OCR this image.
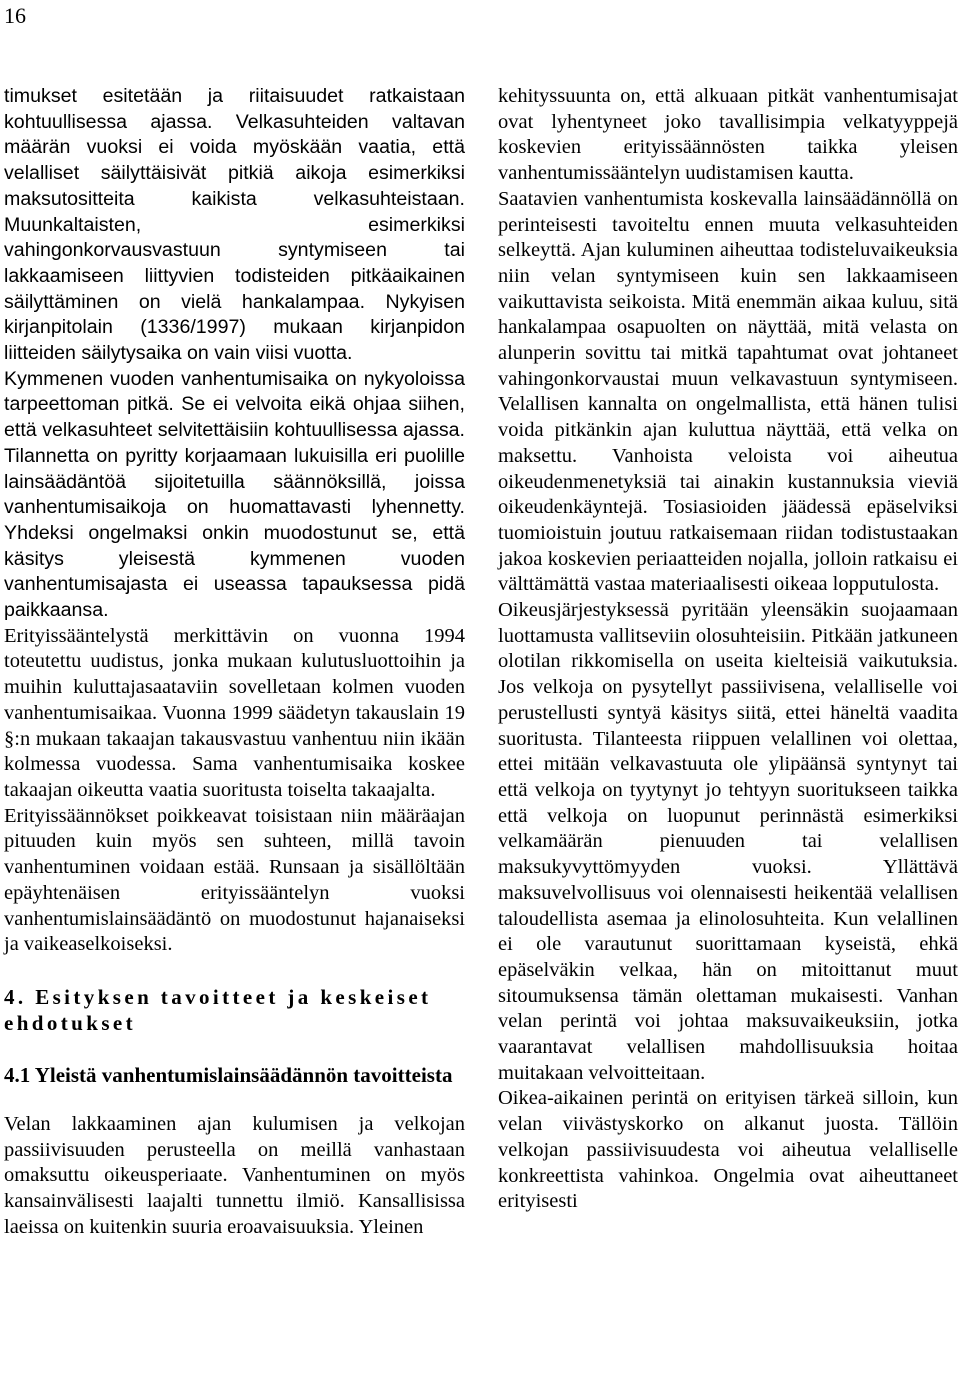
16

timukset esitetään ja riitaisuudet ratkaistaan kohtuullisessa ajassa. Velkasuhteiden valtavan määrän vuoksi ei voida myöskään vaatia, että velalliset säilyttäisivät pitkiä aikoja esimerkiksi maksutositteita kaikista velkasuhteistaan. Muunkaltaisten, esimerkiksi vahingonkorvausvastuun syntymiseen tai lakkaamiseen liittyvien todisteiden pitkäaikainen säilyttäminen on vielä hankalampaa. Nykyisen kirjanpitolain (1336/1997) mukaan kirjanpidon liitteiden säilytysaika on vain viisi vuotta.

Kymmenen vuoden vanhentumisaika on nykyoloissa tarpeettoman pitkä. Se ei velvoita eikä ohjaa siihen, että velkasuhteet selvitettäisiin kohtuullisessa ajassa. Tilannetta on pyritty korjaamaan lukuisilla eri puolille lainsäädäntöä sijoitetuilla säännöksillä, joissa vanhentumisaikoja on huomattavasti lyhennetty. Yhdeksi ongelmaksi onkin muodostunut se, että käsitys yleisestä kymmenen vuoden vanhentumisajasta ei useassa tapauksessa pidä paikkaansa.

Erityissääntelystä merkittävin on vuonna 1994 toteutettu uudistus, jonka mukaan kulutusluottoihin ja muihin kuluttajasaataviin sovelletaan kolmen vuoden vanhentumisaikaa. Vuonna 1999 säädetyn takauslain 19 §:n mukaan takaajan takausvastuu vanhentuu niin ikään kolmessa vuodessa. Sama vanhentumisaika koskee takaajan oikeutta vaatia suoritusta toiselta takaajalta.

Erityissäännökset poikkeavat toisistaan niin määräajan pituuden kuin myös sen suhteen, millä tavoin vanhentuminen voidaan estää. Runsaan ja sisällöltään epäyhtenäisen erityissääntelyn vuoksi vanhentumislainsäädäntö on muodostunut hajanaiseksi ja vaikeaselkoiseksi.

4. Esityksen tavoitteet ja keskeiset ehdotukset

4.1 Yleistä vanhentumislainsäädännön tavoitteista

Velan lakkaaminen ajan kulumisen ja velkojan passiivisuuden perusteella on meillä vanhastaan omaksuttu oikeusperiaate. Vanhentuminen on myös kansainvälisesti laajalti tunnettu ilmiö. Kansallisissa laeissa on kuitenkin suuria eroavaisuuksia. Yleinen

kehityssuunta on, että alkuaan pitkät vanhentumisajat ovat lyhentyneet joko tavallisimpia velkatyyppejä koskevien erityissäännösten taikka yleisen vanhentumissääntelyn uudistamisen kautta.

Saatavien vanhentumista koskevalla lainsäädännöllä on perinteisesti tavoiteltu ennen muuta velkasuhteiden selkeyttä. Ajan kuluminen aiheuttaa todisteluvaikeuksia niin velan syntymiseen kuin sen lakkaamiseen vaikuttavista seikoista. Mitä enemmän aikaa kuluu, sitä hankalampaa osapuolten on näyttää, mitä velasta on alunperin sovittu tai mitkä tapahtumat ovat johtaneet vahingonkorvaustai muun velkavastuun syntymiseen. Velallisen kannalta on ongelmallista, että hänen tulisi voida pitkänkin ajan kuluttua näyttää, että velka on maksettu. Vanhoista veloista voi aiheutua oikeudenmenetyksiä tai ainakin kustannuksia vieviä oikeudenkäyntejä. Tosiasioiden jäädessä epäselviksi tuomioistuin joutuu ratkaisemaan riidan todistustaakan jakoa koskevien periaatteiden nojalla, jolloin ratkaisu ei välttämättä vastaa materiaalisesti oikeaa lopputulosta.

Oikeusjärjestyksessä pyritään yleensäkin suojaamaan luottamusta vallitseviin olosuhteisiin. Pitkään jatkuneen olotilan rikkomisella on useita kielteisiä vaikutuksia. Jos velkoja on pysytellyt passiivisena, velalliselle voi perustellusti syntyä käsitys siitä, ettei häneltä vaadita suoritusta. Tilanteesta riippuen velallinen voi olettaa, ettei mitään velkavastuuta ole ylipäänsä syntynyt tai että velkoja on tyytynyt jo tehtyyn suoritukseen taikka että velkoja on luopunut perinnästä esimerkiksi velkamäärän pienuuden tai velallisen maksukyvyttömyyden vuoksi. Yllättävä maksuvelvollisuus voi olennaisesti heikentää velallisen taloudellista asemaa ja elinolosuhteita. Kun velallinen ei ole varautunut suorittamaan kyseistä, ehkä epäselväkin velkaa, hän on mitoittanut muut sitoumuksensa tämän olettaman mukaisesti. Vanhan velan perintä voi johtaa maksuvaikeuksiin, jotka vaarantavat velallisen mahdollisuuksia hoitaa muitakaan velvoitteitaan.

Oikea-aikainen perintä on erityisen tärkeä silloin, kun velan viivästyskorko on alkanut juosta. Tällöin velkojan passiivisuudesta voi aiheutua velalliselle konkreettista vahinkoa. Ongelmia ovat aiheuttaneet erityisesti
